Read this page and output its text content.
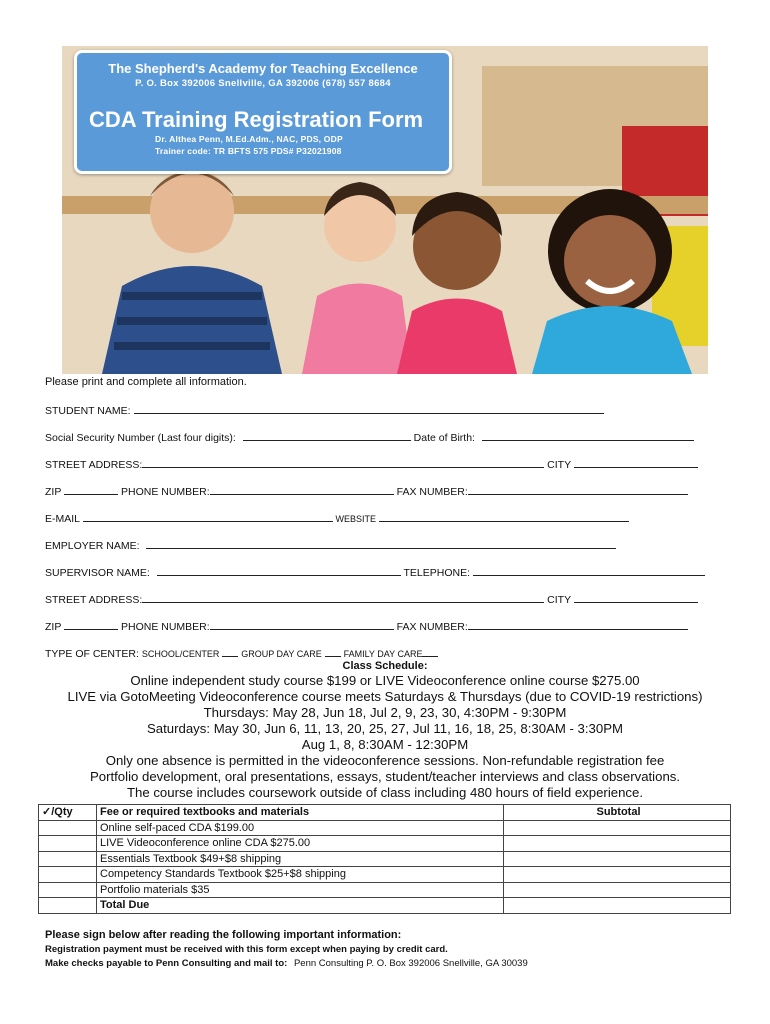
The Shepherd's Academy for Teaching Excellence
P. O. Box 392006 Snellville, GA 392006 (678) 557 8684
CDA Training Registration Form
Dr. Althea Penn, M.Ed.Adm., NAC, PDS, ODP
Trainer code: TR BFTS 575 PDS# P32021908
Please print and complete all information.
STUDENT NAME:
Social Security Number (Last four digits):	Date of Birth:
STREET ADDRESS:	CITY
ZIP	PHONE NUMBER:	FAX NUMBER:
E-MAIL	WEBSITE
EMPLOYER NAME:
SUPERVISOR NAME:	TELEPHONE:
STREET ADDRESS:	CITY
ZIP	PHONE NUMBER:	FAX NUMBER:
TYPE OF CENTER: SCHOOL/CENTER GROUP DAY CARE FAMILY DAY CARE
Class Schedule:
Online independent study course $199 or LIVE Videoconference online course $275.00
LIVE via GotoMeeting Videoconference course meets Saturdays & Thursdays (due to COVID-19 restrictions)
Thursdays: May 28, Jun 18, Jul 2, 9, 23, 30, 4:30PM - 9:30PM
Saturdays: May 30, Jun 6, 11, 13, 20, 25, 27, Jul 11, 16, 18, 25, 8:30AM - 3:30PM
Aug 1, 8, 8:30AM - 12:30PM
Only one absence is permitted in the videoconference sessions. Non-refundable registration fee
Portfolio development, oral presentations, essays, student/teacher interviews and class observations.
The course includes coursework outside of class including 480 hours of field experience.
✓/Qty	Fee or required textbooks and materials	Subtotal
	Online self-paced CDA $199.00	
	LIVE Videoconference online CDA $275.00	
	Essentials Textbook $49+$8 shipping	
	Competency Standards Textbook $25+$8 shipping	
	Portfolio materials $35	
	Total Due	
Please sign below after reading the following important information:
Registration payment must be received with this form except when paying by credit card.
Make checks payable to Penn Consulting and mail to: Penn Consulting P. O. Box 392006 Snellville, GA 30039
